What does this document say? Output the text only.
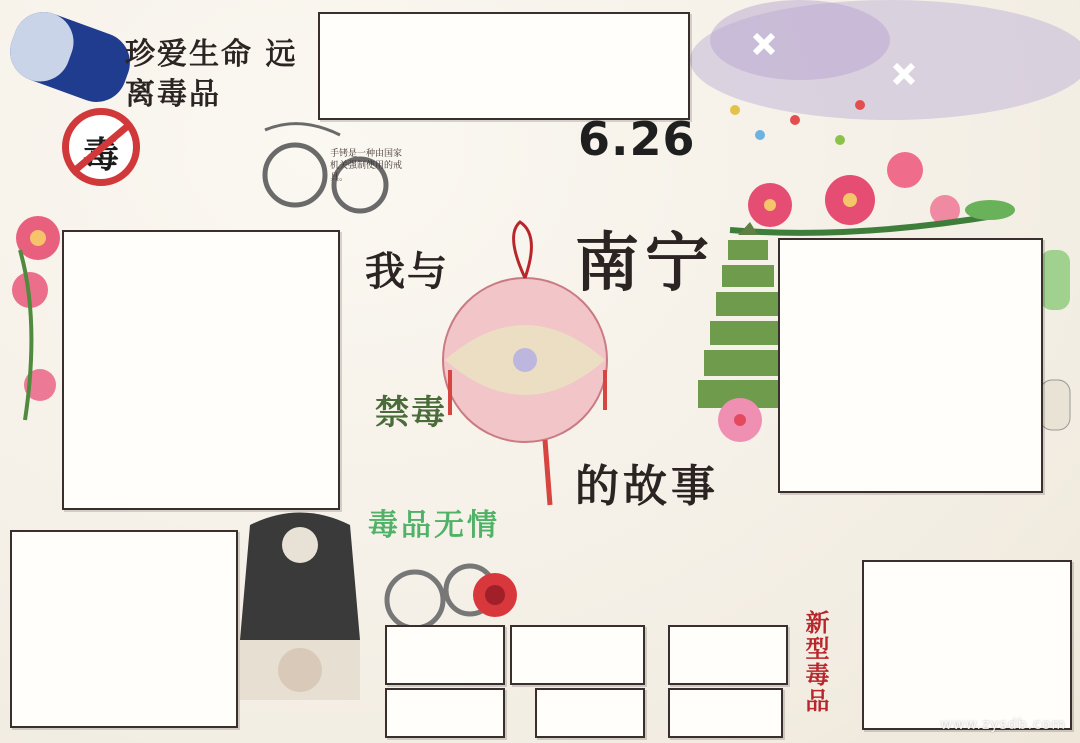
珍爱生命 远离毒品
毒	手铐是一种由国家机关强制使用的戒具。
6.26
我与 南宁
禁毒
的故事
毒品无情
新型毒品
www.zysdb.com
